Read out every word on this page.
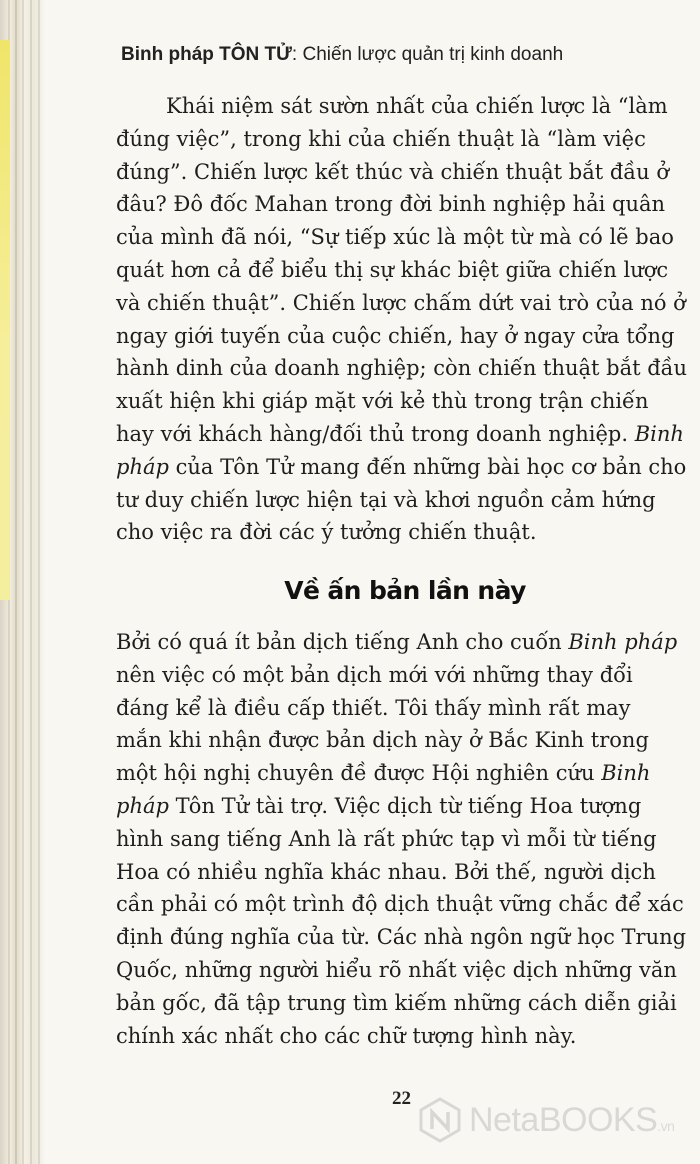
Binh pháp TÔN TỬ: Chiến lược quản trị kinh doanh
Khái niệm sát sườn nhất của chiến lược là “làm
đúng việc”, trong khi của chiến thuật là “làm việc
đúng”. Chiến lược kết thúc và chiến thuật bắt đầu ở
đâu? Đô đốc Mahan trong đời binh nghiệp hải quân
của mình đã nói, “Sự tiếp xúc là một từ mà có lẽ bao
quát hơn cả để biểu thị sự khác biệt giữa chiến lược
và chiến thuật”. Chiến lược chấm dứt vai trò của nó ở
ngay giới tuyến của cuộc chiến, hay ở ngay cửa tổng
hành dinh của doanh nghiệp; còn chiến thuật bắt đầu
xuất hiện khi giáp mặt với kẻ thù trong trận chiến
hay với khách hàng/đối thủ trong doanh nghiệp. Binh
pháp của Tôn Tử mang đến những bài học cơ bản cho
tư duy chiến lược hiện tại và khơi nguồn cảm hứng
cho việc ra đời các ý tưởng chiến thuật.
Về ấn bản lần này
Bởi có quá ít bản dịch tiếng Anh cho cuốn Binh pháp
nên việc có một bản dịch mới với những thay đổi
đáng kể là điều cấp thiết. Tôi thấy mình rất may
mắn khi nhận được bản dịch này ở Bắc Kinh trong
một hội nghị chuyên đề được Hội nghiên cứu Binh
pháp Tôn Tử tài trợ. Việc dịch từ tiếng Hoa tượng
hình sang tiếng Anh là rất phức tạp vì mỗi từ tiếng
Hoa có nhiều nghĩa khác nhau. Bởi thế, người dịch
cần phải có một trình độ dịch thuật vững chắc để xác
định đúng nghĩa của từ. Các nhà ngôn ngữ học Trung
Quốc, những người hiểu rõ nhất việc dịch những văn
bản gốc, đã tập trung tìm kiếm những cách diễn giải
chính xác nhất cho các chữ tượng hình này.
22
NetaBOOKS.vn
